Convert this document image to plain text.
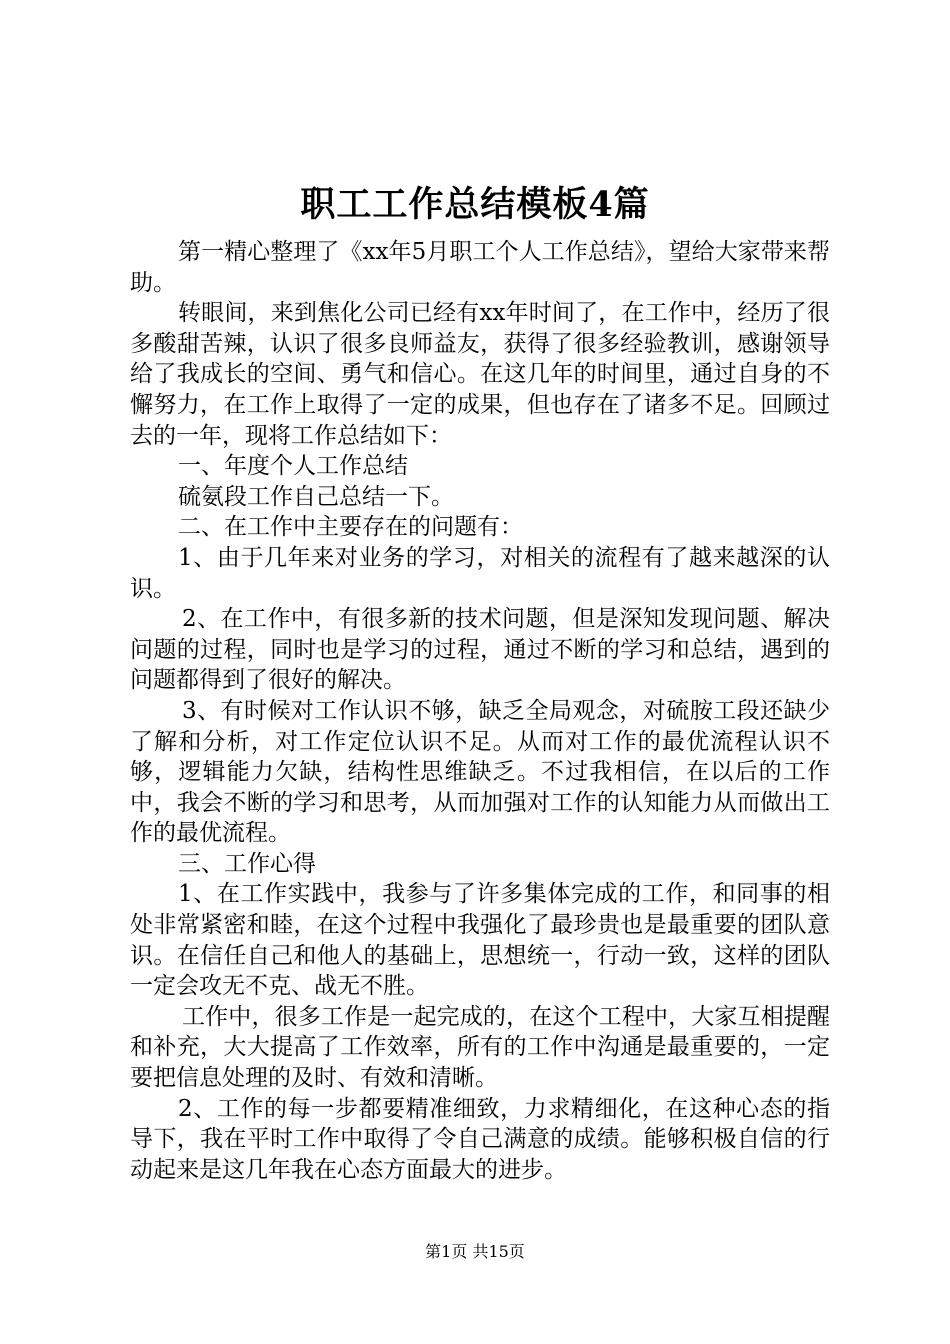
职工工作总结模板4篇

第一精心整理了《xx年5月职工个人工作总结》，望给大家带来帮助。

转眼间，来到焦化公司已经有xx年时间了，在工作中，经历了很多酸甜苦辣，认识了很多良师益友，获得了很多经验教训，感谢领导给了我成长的空间、勇气和信心。在这几年的时间里，通过自身的不懈努力，在工作上取得了一定的成果，但也存在了诸多不足。回顾过去的一年，现将工作总结如下：

一、年度个人工作总结

硫氨段工作自己总结一下。

二、在工作中主要存在的问题有：

1、由于几年来对业务的学习，对相关的流程有了越来越深的认识。

2、在工作中，有很多新的技术问题，但是深知发现问题、解决问题的过程，同时也是学习的过程，通过不断的学习和总结，遇到的问题都得到了很好的解决。

3、有时候对工作认识不够，缺乏全局观念，对硫胺工段还缺少了解和分析，对工作定位认识不足。从而对工作的最优流程认识不够，逻辑能力欠缺，结构性思维缺乏。不过我相信，在以后的工作中，我会不断的学习和思考，从而加强对工作的认知能力从而做出工作的最优流程。

三、工作心得

1、在工作实践中，我参与了许多集体完成的工作，和同事的相处非常紧密和睦，在这个过程中我强化了最珍贵也是最重要的团队意识。在信任自己和他人的基础上，思想统一，行动一致，这样的团队一定会攻无不克、战无不胜。

工作中，很多工作是一起完成的，在这个工程中，大家互相提醒和补充，大大提高了工作效率，所有的工作中沟通是最重要的，一定要把信息处理的及时、有效和清晰。

2、工作的每一步都要精准细致，力求精细化，在这种心态的指导下，我在平时工作中取得了令自己满意的成绩。能够积极自信的行动起来是这几年我在心态方面最大的进步。

第1页 共15页
